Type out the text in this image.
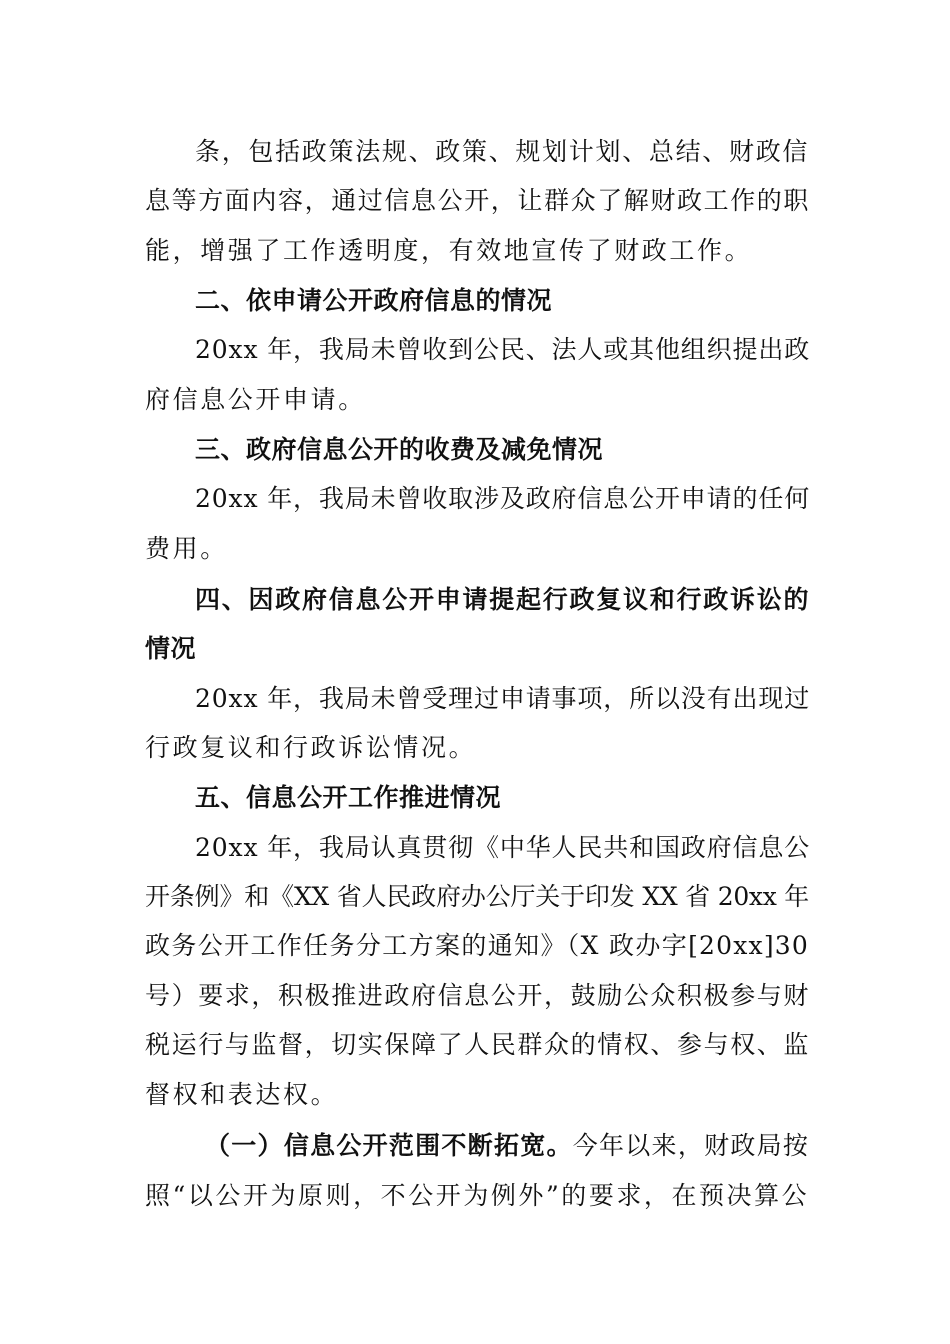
条，包括政策法规、政策、规划计划、总结、财政信
息等方面内容，通过信息公开，让群众了解财政工作的职
能，增强了工作透明度，有效地宣传了财政工作。
二、依申请公开政府信息的情况
20xx 年，我局未曾收到公民、法人或其他组织提出政
府信息公开申请。
三、政府信息公开的收费及减免情况
20xx 年，我局未曾收取涉及政府信息公开申请的任何
费用。
四、因政府信息公开申请提起行政复议和行政诉讼的
情况
20xx 年，我局未曾受理过申请事项，所以没有出现过
行政复议和行政诉讼情况。
五、信息公开工作推进情况
20xx 年，我局认真贯彻《中华人民共和国政府信息公
开条例》和《XX 省人民政府办公厅关于印发 XX 省 20xx 年
政务公开工作任务分工方案的通知》（X 政办字[20xx]30
号）要求，积极推进政府信息公开，鼓励公众积极参与财
税运行与监督，切实保障了人民群众的情权、参与权、监
督权和表达权。
（一）信息公开范围不断拓宽。今年以来，财政局按
照“以公开为原则，不公开为例外”的要求，在预决算公
